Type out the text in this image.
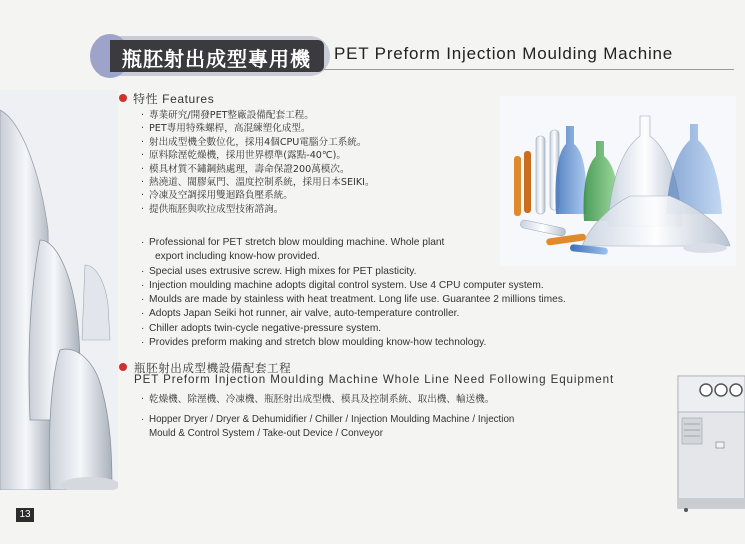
瓶胚射出成型專用機 PET Preform Injection Moulding Machine
特性 Features
· 專業研究/開發PET整廠設備配套工程。
· PET專用特殊螺桿，高混練塑化成型。
· 射出成型機全數位化，採用4個CPU電腦分工系統。
· 原料除溼乾燥機，採用世界標準(露點-40℃)。
· 模具材質不鏽鋼熱處理，壽命保證200萬模次。
· 熱澆道、閥膠氣門、溫度控制系統，採用日本SEIKI。
· 冷凍及空調採用雙迴路負壓系統。
· 提供瓶胚與吹拉成型技術諮詢。
· Professional for PET stretch blow moulding machine. Whole plant
export including know-how provided.
· Special uses extrusive screw. High mixes for PET plasticity.
· Injection moulding machine adopts digital control system. Use 4 CPU computer system.
· Moulds are made by stainless with heat treatment. Long life use. Guarantee 2 millions times.
· Adopts Japan Seiki hot runner, air valve, auto-temperature controller.
· Chiller adopts twin-cycle negative-pressure system.
· Provides preform making and stretch blow moulding know-how technology.
瓶胚射出成型機設備配套工程
PET Preform Injection Moulding Machine Whole Line Need Following Equipment
· 乾燥機、除溼機、冷凍機、瓶胚射出成型機、模具及控制系統、取出機、輸送機。
· Hopper Dryer / Dryer & Dehumidifier / Chiller / Injection Moulding Machine / Injection
Mould & Control System / Take-out Device / Conveyor
13
